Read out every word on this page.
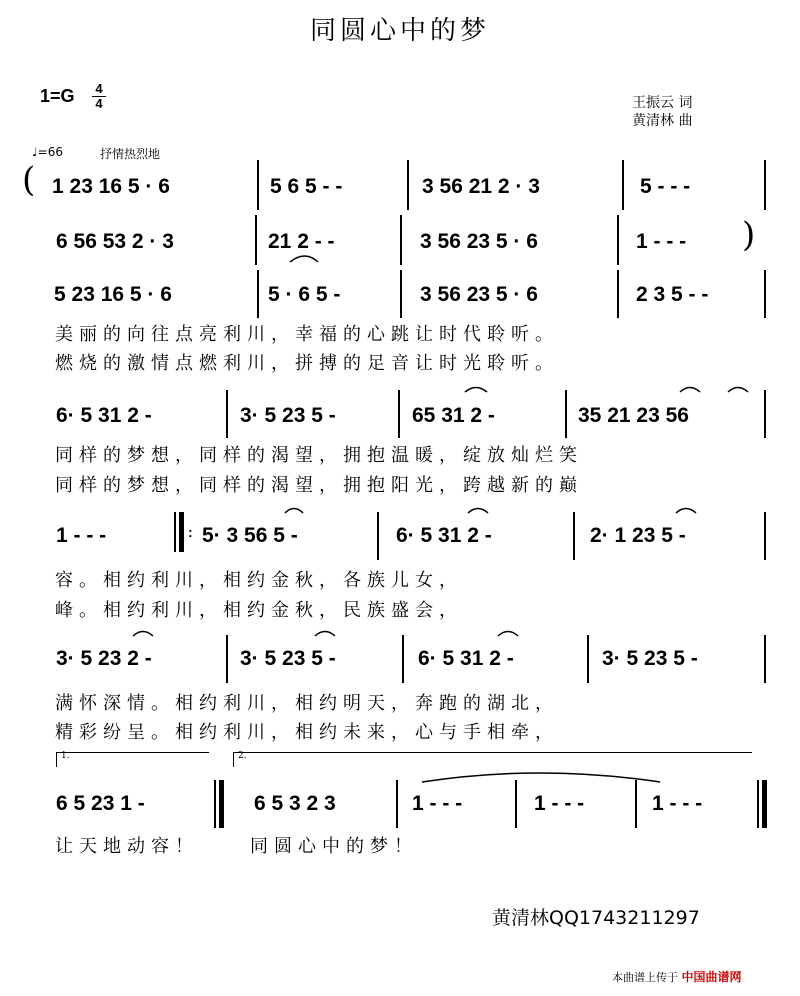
同圆心中的梦
$1=G \frac{4}{4}$	王振云 词
黄清林 曲
♩=66	抒情热烈地
( 1 23 16 5 · 6	5 6 5 - -	3 56 21 2 · 3	5 - - -
6 56 53 2 · 3	21 2 - -	3 56 23 5 · 6	1 - - - )
5 23 16 5 · 6	5 · 6 5 -	3 56 23 5 · 6	2 3 5 - -
美丽的向往点亮利川，幸福的心跳让时代聆听。
燃烧的激情点燃利川，拼搏的足音让时光聆听。
6· 5 31 2 -	3· 5 23 5 -	65 31 2 -	35 21 23 56
同样的梦想，同样的渴望，拥抱温暖，绽放灿烂笑
同样的梦想，同样的渴望，拥抱阳光，跨越新的巅
1 - - -	: 5· 3 56 5 -	6· 5 31 2 -	2· 1 23 5 -
容。相约利川，相约金秋，各族儿女，
峰。相约利川，相约金秋，民族盛会，
3· 5 23 2 -	3· 5 23 5 -	6· 5 31 2 -	3· 5 23 5 -
满怀深情。相约利川，相约明天，奔跑的湖北，
精彩纷呈。相约利川，相约未来，心与手相牵，
1.	2.
6 5 23 1 -	6 5 3 2 3	1 - - -	1 - - -	1 - - -
让天地动容！	同圆心中的梦！
黄清林QQ1743211297
本曲谱上传于 中国曲谱网
